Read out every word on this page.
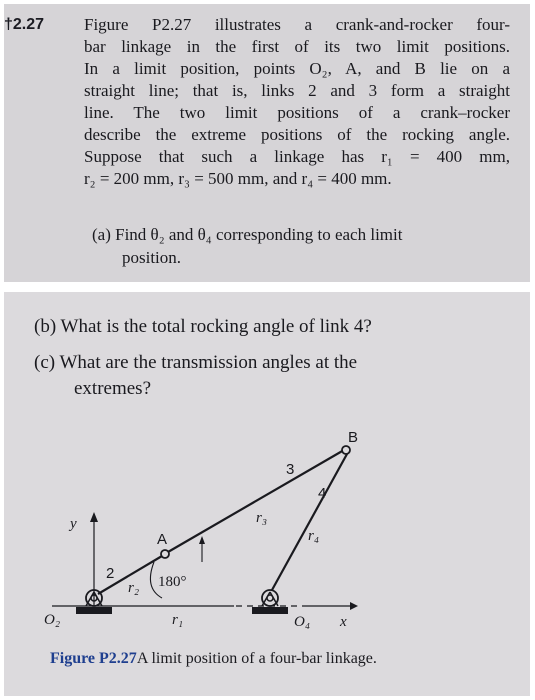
†2.27 Figure P2.27 illustrates a crank-and-rocker four-
bar linkage in the first of its two limit positions.
In a limit position, points O₂, A, and B lie on a
straight line; that is, links 2 and 3 form a straight
line. The two limit positions of a crank–rocker
describe the extreme positions of the rocking angle.
Suppose that such a linkage has r₁ = 400 mm,
r₂ = 200 mm, r₃ = 500 mm, and r₄ = 400 mm.
(a) Find θ₂ and θ₄ corresponding to each limit
position.
(b) What is the total rocking angle of link 4?
(c) What are the transmission angles at the
extremes?
B
A
3
4
2
r₃
r₄
r₂
r₁
180°
y
x
O₂	O₄
Figure P2.27A limit position of a four-bar linkage.
